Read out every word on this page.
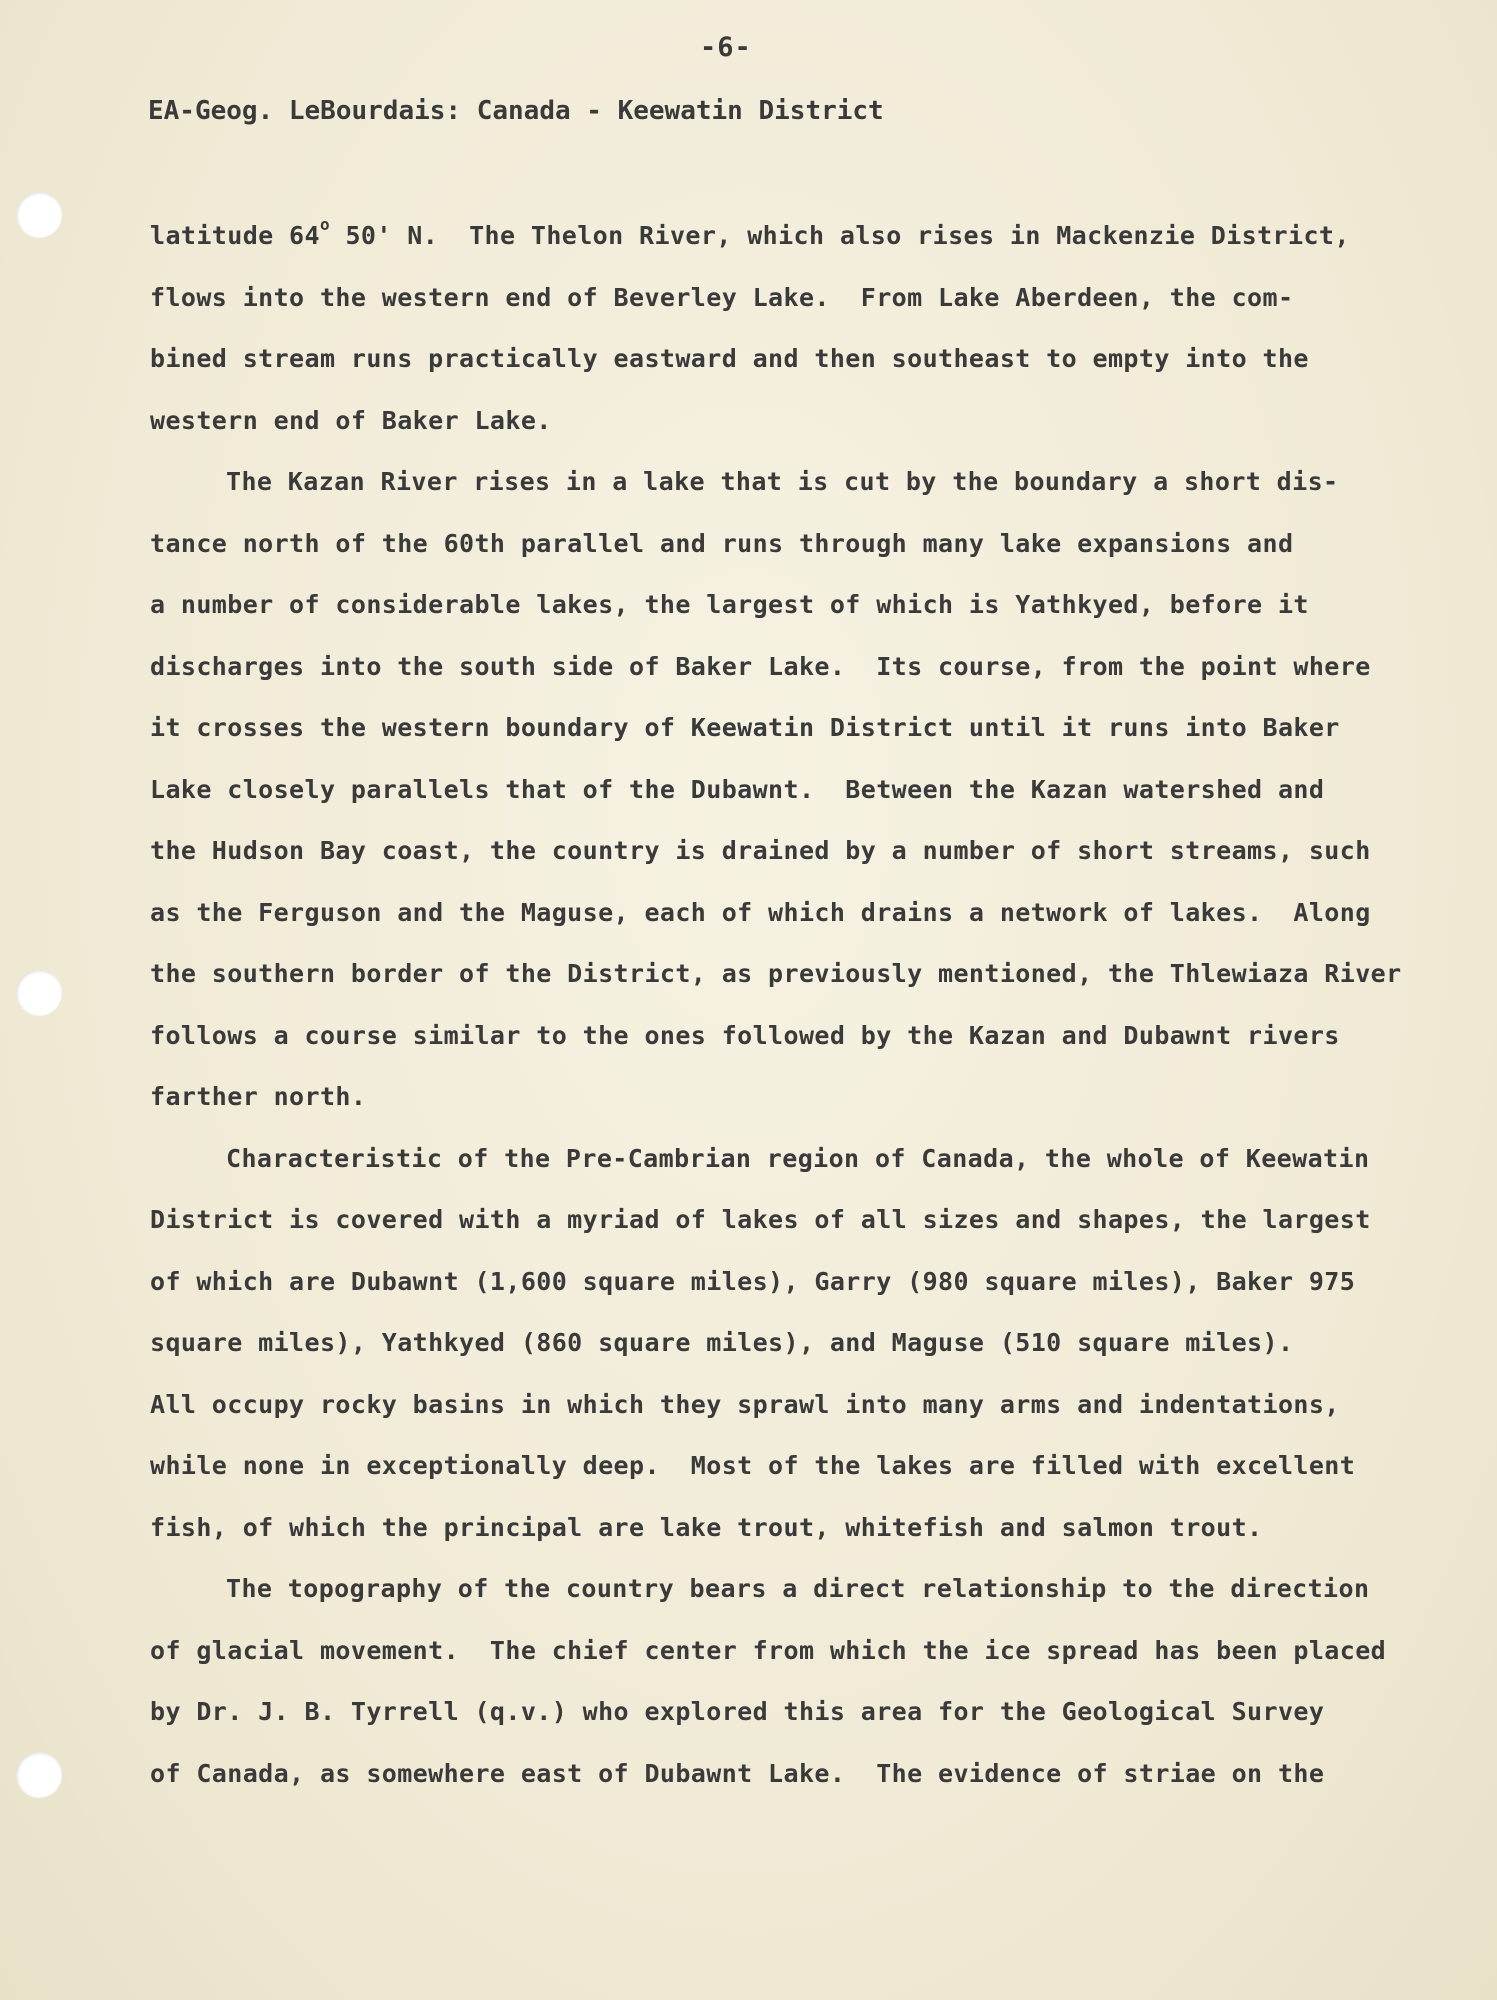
-6-
EA-Geog. LeBourdais: Canada - Keewatin District
latitude 64$^o$ 50' N.  The Thelon River, which also rises in Mackenzie District,
flows into the western end of Beverley Lake.  From Lake Aberdeen, the com-
bined stream runs practically eastward and then southeast to empty into the
western end of Baker Lake.
The Kazan River rises in a lake that is cut by the boundary a short dis-
tance north of the 60th parallel and runs through many lake expansions and
a number of considerable lakes, the largest of which is Yathkyed, before it
discharges into the south side of Baker Lake.  Its course, from the point where
it crosses the western boundary of Keewatin District until it runs into Baker
Lake closely parallels that of the Dubawnt.  Between the Kazan watershed and
the Hudson Bay coast, the country is drained by a number of short streams, such
as the Ferguson and the Maguse, each of which drains a network of lakes.  Along
the southern border of the District, as previously mentioned, the Thlewiaza River
follows a course similar to the ones followed by the Kazan and Dubawnt rivers
farther north.
Characteristic of the Pre-Cambrian region of Canada, the whole of Keewatin
District is covered with a myriad of lakes of all sizes and shapes, the largest
of which are Dubawnt (1,600 square miles), Garry (980 square miles), Baker 975
square miles), Yathkyed (860 square miles), and Maguse (510 square miles).
All occupy rocky basins in which they sprawl into many arms and indentations,
while none in exceptionally deep.  Most of the lakes are filled with excellent
fish, of which the principal are lake trout, whitefish and salmon trout.
The topography of the country bears a direct relationship to the direction
of glacial movement.  The chief center from which the ice spread has been placed
by Dr. J. B. Tyrrell (q.v.) who explored this area for the Geological Survey
of Canada, as somewhere east of Dubawnt Lake.  The evidence of striae on the
